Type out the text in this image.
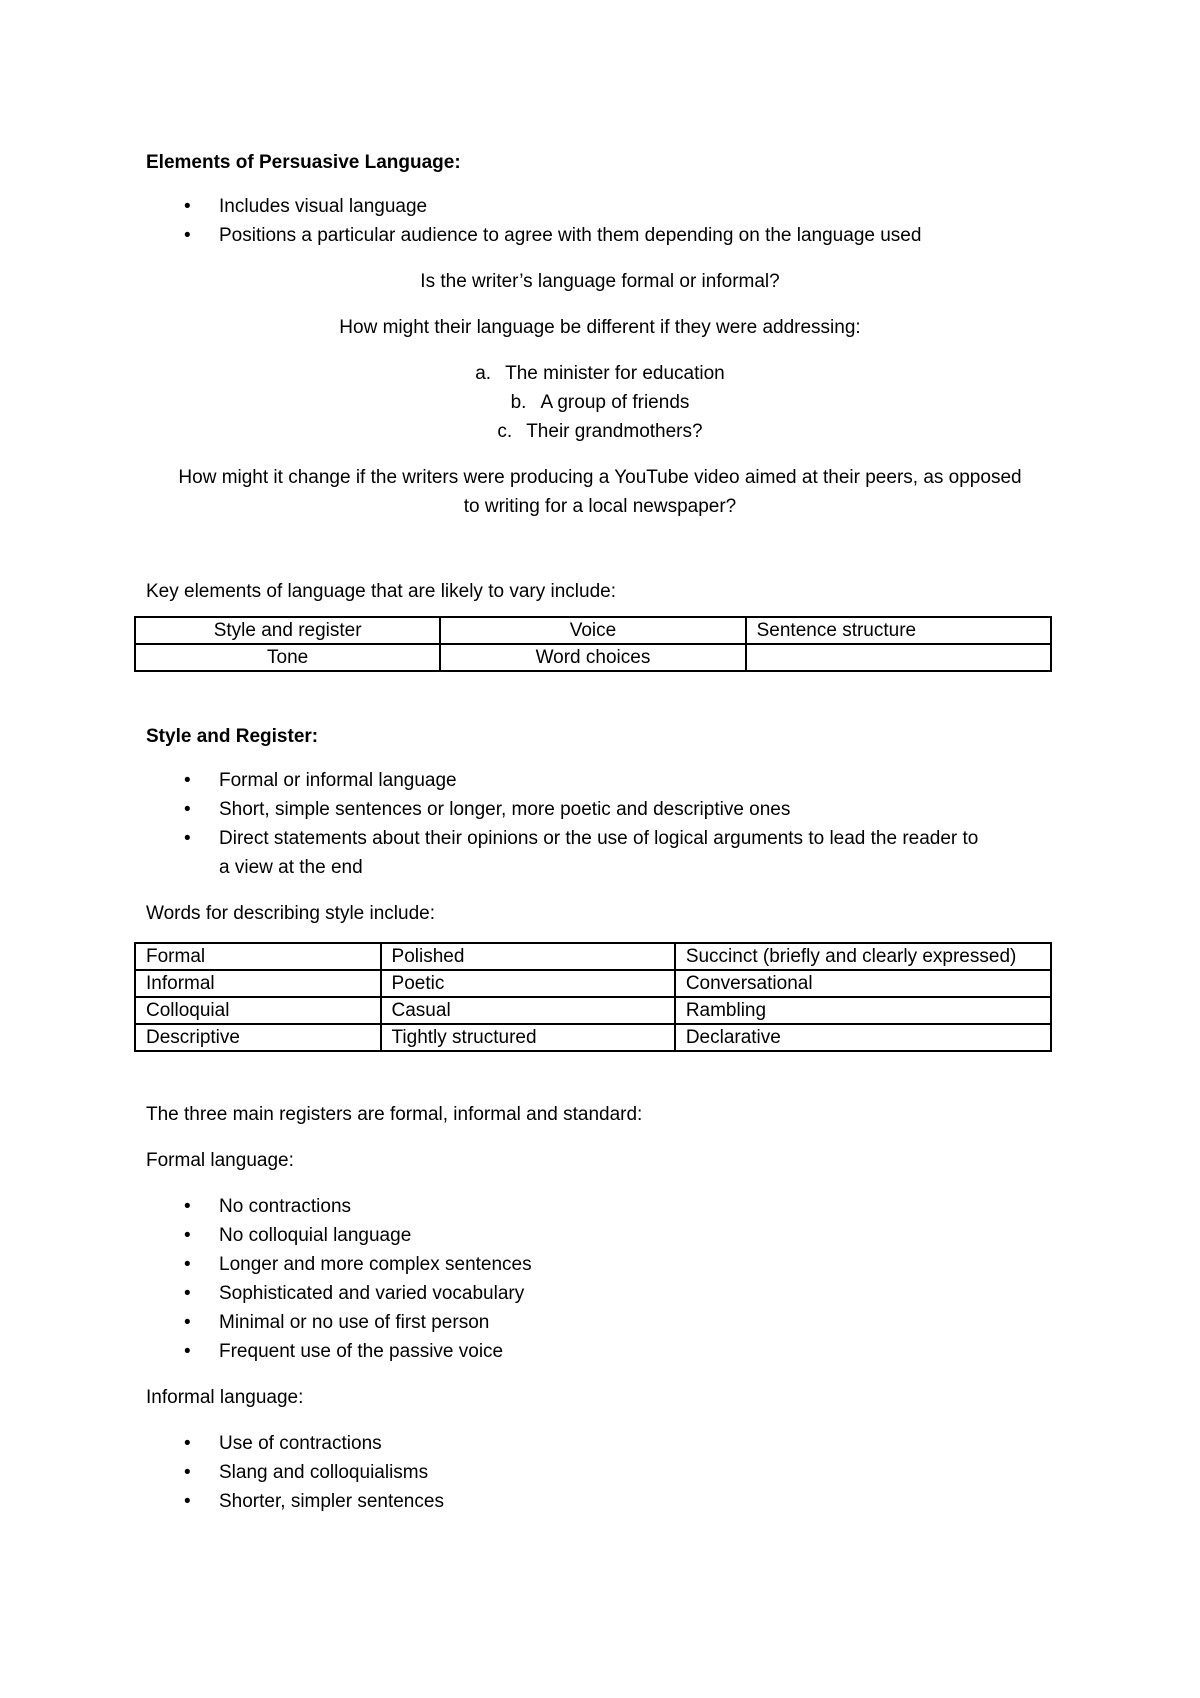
Elements of Persuasive Language:
• Includes visual language
• Positions a particular audience to agree with them depending on the language used
Is the writer’s language formal or informal?
How might their language be different if they were addressing:
a. The minister for education
b. A group of friends
c. Their grandmothers?
How might it change if the writers were producing a YouTube video aimed at their peers, as opposed
to writing for a local newspaper?
Key elements of language that are likely to vary include:
Style and register	Voice	Sentence structure
Tone	Word choices	
Style and Register:
• Formal or informal language
• Short, simple sentences or longer, more poetic and descriptive ones
• Direct statements about their opinions or the use of logical arguments to lead the reader to
a view at the end
Words for describing style include:
Formal	Polished	Succinct (briefly and clearly expressed)
Informal	Poetic	Conversational
Colloquial	Casual	Rambling
Descriptive	Tightly structured	Declarative
The three main registers are formal, informal and standard:
Formal language:
• No contractions
• No colloquial language
• Longer and more complex sentences
• Sophisticated and varied vocabulary
• Minimal or no use of first person
• Frequent use of the passive voice
Informal language:
• Use of contractions
• Slang and colloquialisms
• Shorter, simpler sentences
